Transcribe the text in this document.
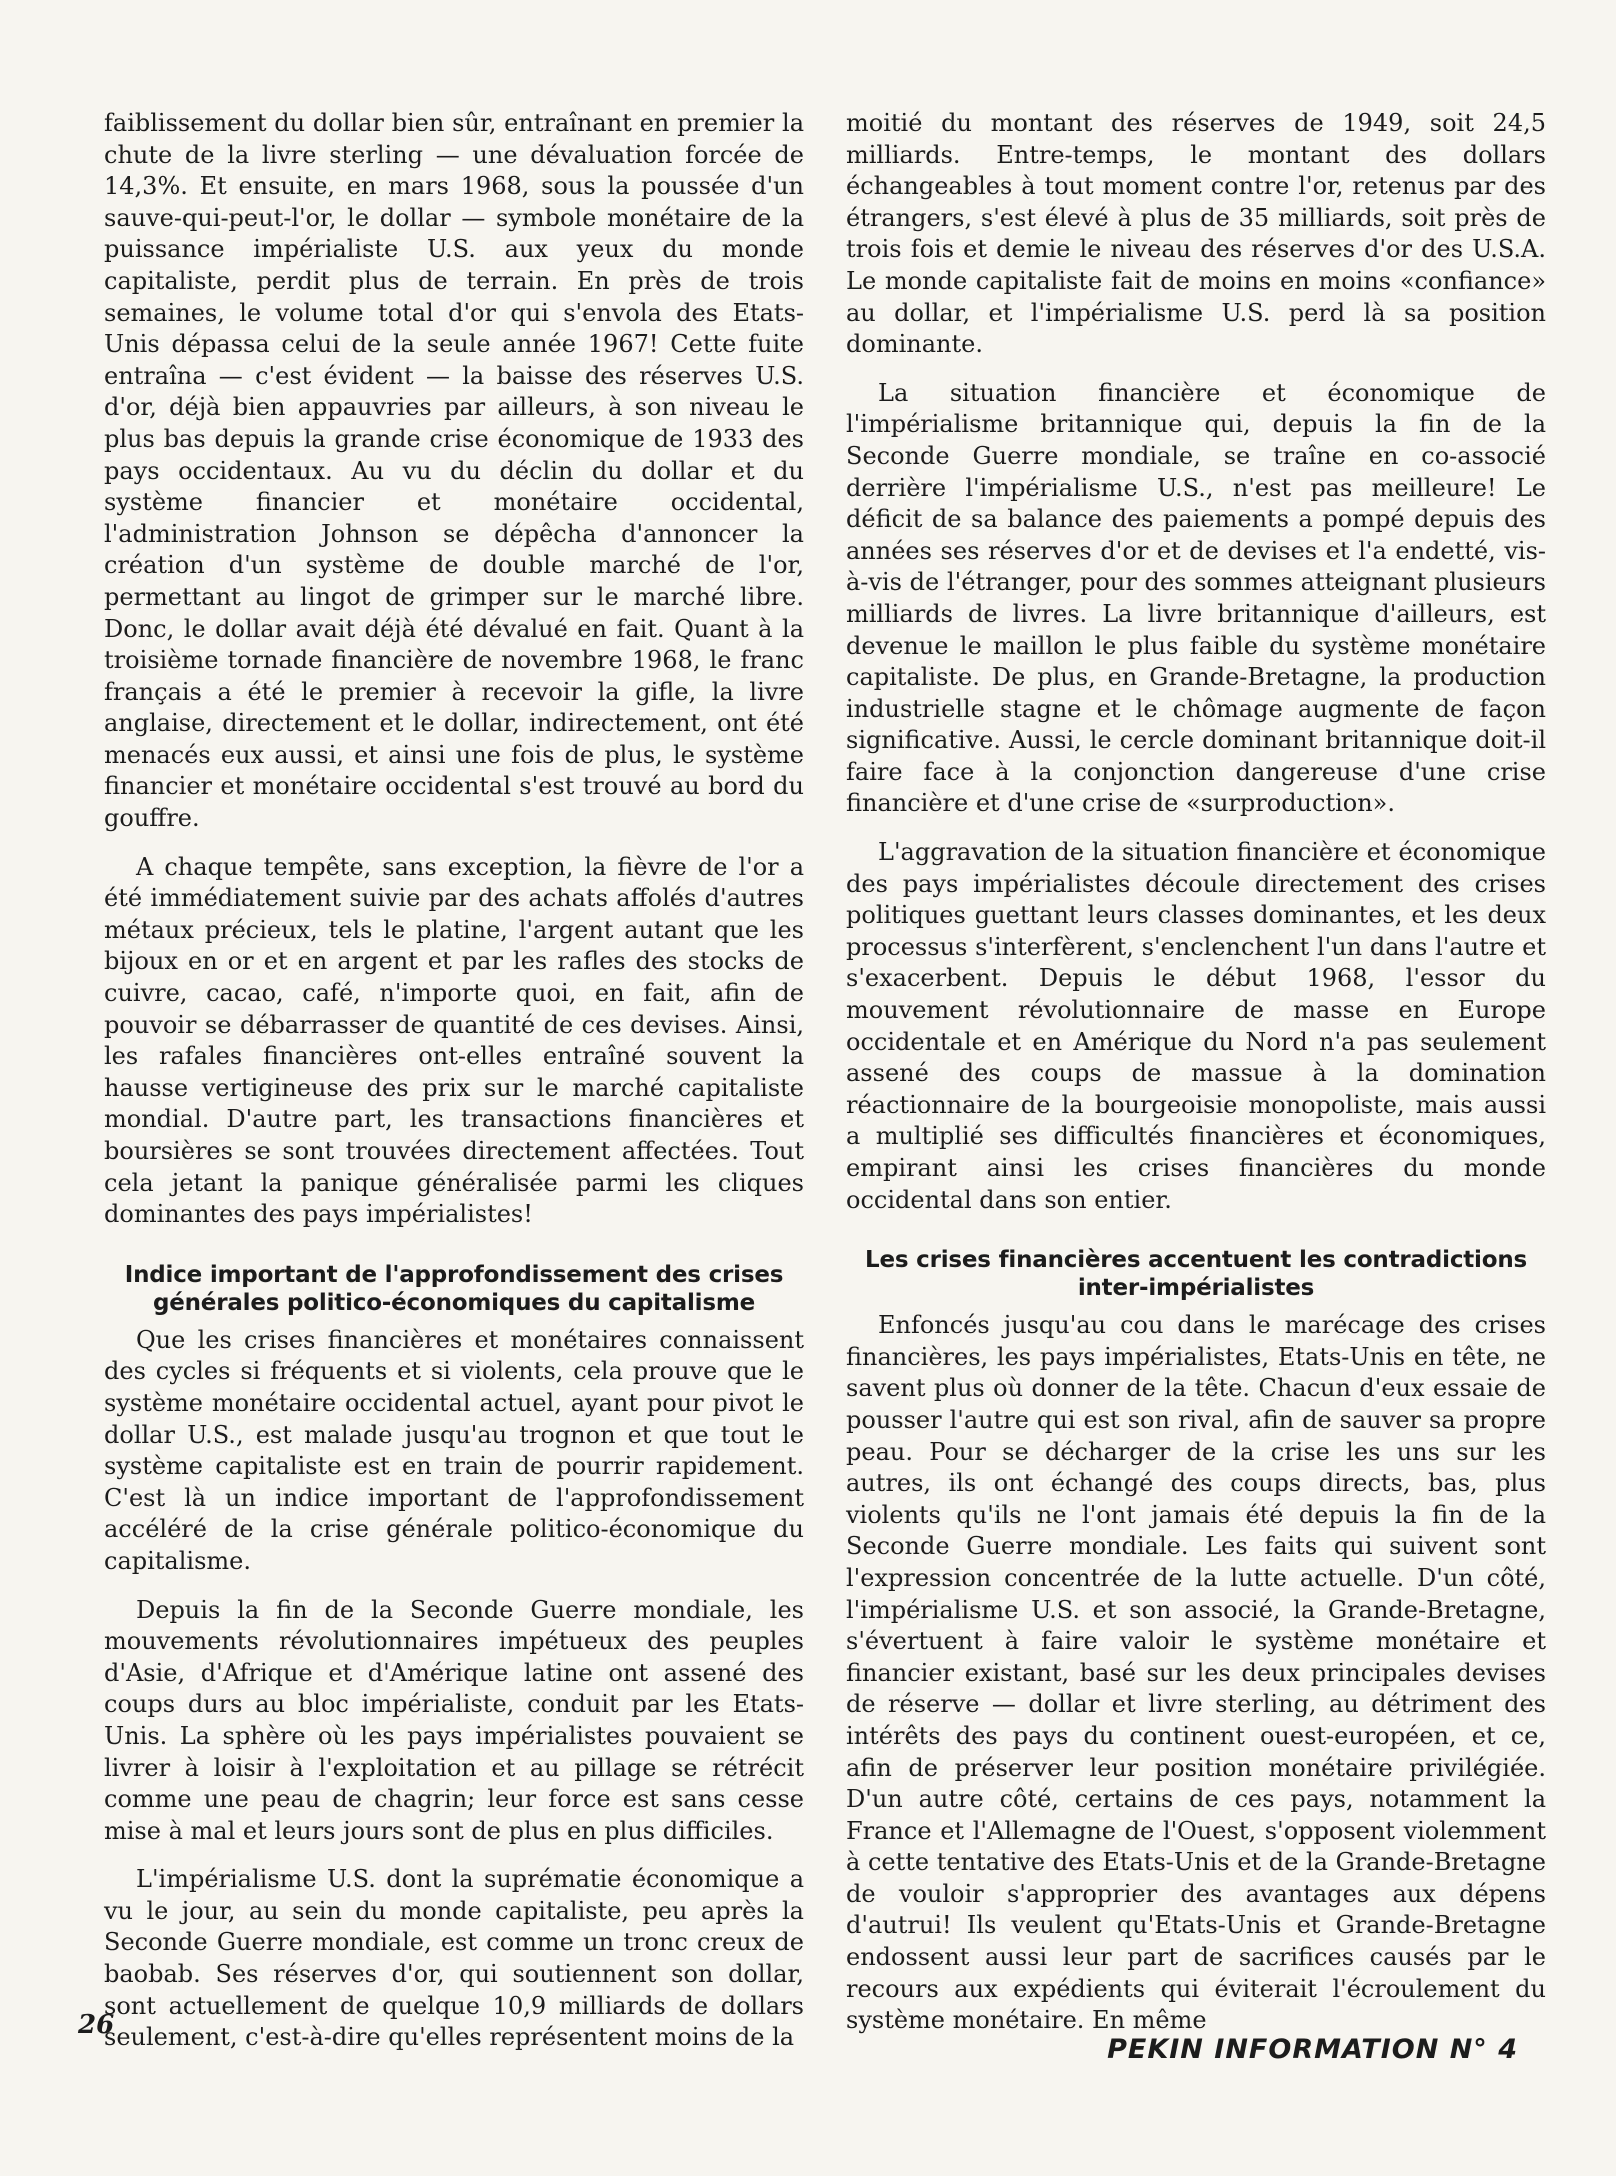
faiblissement du dollar bien sûr, entraînant en premier la chute de la livre sterling — une dévaluation forcée de 14,3%. Et ensuite, en mars 1968, sous la poussée d'un sauve-qui-peut-l'or, le dollar — symbole monétaire de la puissance impérialiste U.S. aux yeux du monde capitaliste, perdit plus de terrain. En près de trois semaines, le volume total d'or qui s'envola des Etats-Unis dépassa celui de la seule année 1967! Cette fuite entraîna — c'est évident — la baisse des réserves U.S. d'or, déjà bien appauvries par ailleurs, à son niveau le plus bas depuis la grande crise économique de 1933 des pays occidentaux. Au vu du déclin du dollar et du système financier et monétaire occidental, l'administration Johnson se dépêcha d'annoncer la création d'un système de double marché de l'or, permettant au lingot de grimper sur le marché libre. Donc, le dollar avait déjà été dévalué en fait. Quant à la troisième tornade financière de novembre 1968, le franc français a été le premier à recevoir la gifle, la livre anglaise, directement et le dollar, indirectement, ont été menacés eux aussi, et ainsi une fois de plus, le système financier et monétaire occidental s'est trouvé au bord du gouffre.

A chaque tempête, sans exception, la fièvre de l'or a été immédiatement suivie par des achats affolés d'autres métaux précieux, tels le platine, l'argent autant que les bijoux en or et en argent et par les rafles des stocks de cuivre, cacao, café, n'importe quoi, en fait, afin de pouvoir se débarrasser de quantité de ces devises. Ainsi, les rafales financières ont-elles entraîné souvent la hausse vertigineuse des prix sur le marché capitaliste mondial. D'autre part, les transactions financières et boursières se sont trouvées directement affectées. Tout cela jetant la panique généralisée parmi les cliques dominantes des pays impérialistes!

Indice important de l'approfondissement des crises générales politico-économiques du capitalisme

Que les crises financières et monétaires connaissent des cycles si fréquents et si violents, cela prouve que le système monétaire occidental actuel, ayant pour pivot le dollar U.S., est malade jusqu'au trognon et que tout le système capitaliste est en train de pourrir rapidement. C'est là un indice important de l'approfondissement accéléré de la crise générale politico-économique du capitalisme.

Depuis la fin de la Seconde Guerre mondiale, les mouvements révolutionnaires impétueux des peuples d'Asie, d'Afrique et d'Amérique latine ont assené des coups durs au bloc impérialiste, conduit par les Etats-Unis. La sphère où les pays impérialistes pouvaient se livrer à loisir à l'exploitation et au pillage se rétrécit comme une peau de chagrin; leur force est sans cesse mise à mal et leurs jours sont de plus en plus difficiles.

L'impérialisme U.S. dont la suprématie économique a vu le jour, au sein du monde capitaliste, peu après la Seconde Guerre mondiale, est comme un tronc creux de baobab. Ses réserves d'or, qui soutiennent son dollar, sont actuellement de quelque 10,9 milliards de dollars seulement, c'est-à-dire qu'elles représentent moins de la

moitié du montant des réserves de 1949, soit 24,5 milliards. Entre-temps, le montant des dollars échangeables à tout moment contre l'or, retenus par des étrangers, s'est élevé à plus de 35 milliards, soit près de trois fois et demie le niveau des réserves d'or des U.S.A. Le monde capitaliste fait de moins en moins «confiance» au dollar, et l'impérialisme U.S. perd là sa position dominante.

La situation financière et économique de l'impérialisme britannique qui, depuis la fin de la Seconde Guerre mondiale, se traîne en co-associé derrière l'impérialisme U.S., n'est pas meilleure! Le déficit de sa balance des paiements a pompé depuis des années ses réserves d'or et de devises et l'a endetté, vis-à-vis de l'étranger, pour des sommes atteignant plusieurs milliards de livres. La livre britannique d'ailleurs, est devenue le maillon le plus faible du système monétaire capitaliste. De plus, en Grande-Bretagne, la production industrielle stagne et le chômage augmente de façon significative. Aussi, le cercle dominant britannique doit-il faire face à la conjonction dangereuse d'une crise financière et d'une crise de «surproduction».

L'aggravation de la situation financière et économique des pays impérialistes découle directement des crises politiques guettant leurs classes dominantes, et les deux processus s'interfèrent, s'enclenchent l'un dans l'autre et s'exacerbent. Depuis le début 1968, l'essor du mouvement révolutionnaire de masse en Europe occidentale et en Amérique du Nord n'a pas seulement assené des coups de massue à la domination réactionnaire de la bourgeoisie monopoliste, mais aussi a multiplié ses difficultés financières et économiques, empirant ainsi les crises financières du monde occidental dans son entier.

Les crises financières accentuent les contradictions inter-impérialistes

Enfoncés jusqu'au cou dans le marécage des crises financières, les pays impérialistes, Etats-Unis en tête, ne savent plus où donner de la tête. Chacun d'eux essaie de pousser l'autre qui est son rival, afin de sauver sa propre peau. Pour se décharger de la crise les uns sur les autres, ils ont échangé des coups directs, bas, plus violents qu'ils ne l'ont jamais été depuis la fin de la Seconde Guerre mondiale. Les faits qui suivent sont l'expression concentrée de la lutte actuelle. D'un côté, l'impérialisme U.S. et son associé, la Grande-Bretagne, s'évertuent à faire valoir le système monétaire et financier existant, basé sur les deux principales devises de réserve — dollar et livre sterling, au détriment des intérêts des pays du continent ouest-européen, et ce, afin de préserver leur position monétaire privilégiée. D'un autre côté, certains de ces pays, notamment la France et l'Allemagne de l'Ouest, s'opposent violemment à cette tentative des Etats-Unis et de la Grande-Bretagne de vouloir s'approprier des avantages aux dépens d'autrui! Ils veulent qu'Etats-Unis et Grande-Bretagne endossent aussi leur part de sacrifices causés par le recours aux expédients qui éviterait l'écroulement du système monétaire. En même

26
PEKIN INFORMATION N° 4
